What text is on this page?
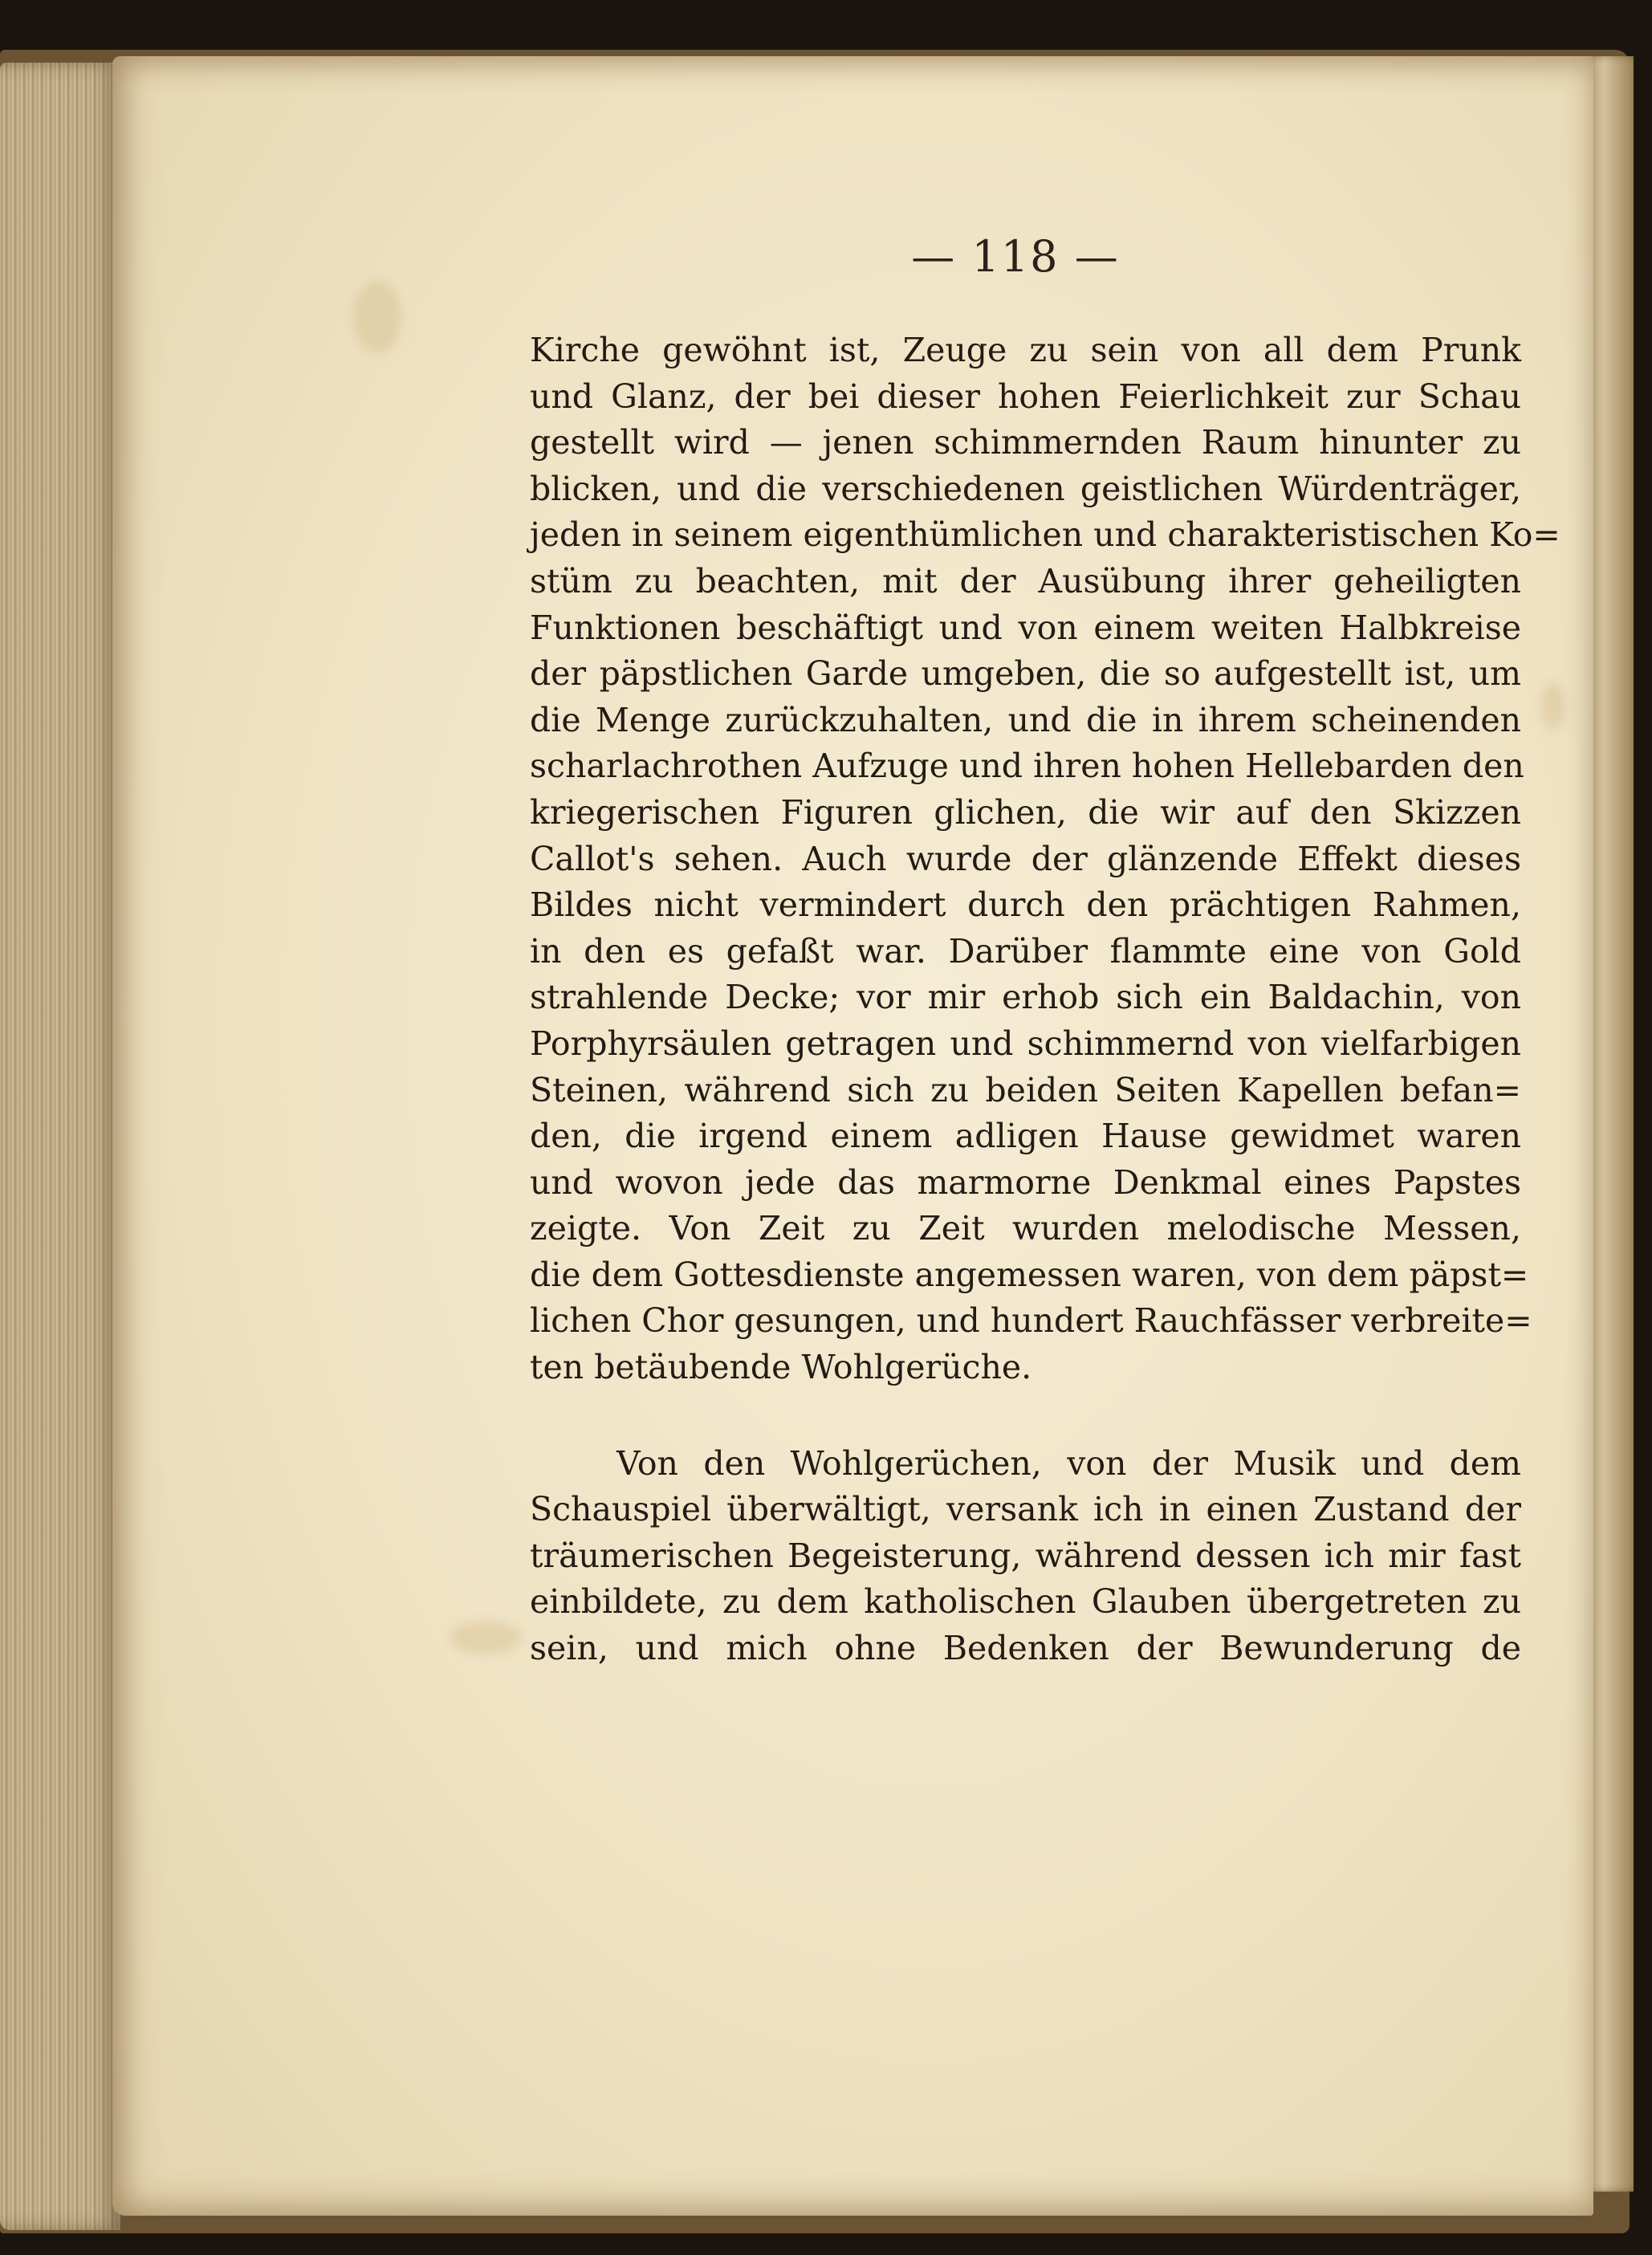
— 118 —
Kirche gewöhnt ist, Zeuge zu sein von all dem Prunk
und Glanz, der bei dieser hohen Feierlichkeit zur Schau
gestellt wird — jenen schimmernden Raum hinunter zu
blicken, und die verschiedenen geistlichen Würdenträger,
jeden in seinem eigenthümlichen und charakteristischen Ko=
stüm zu beachten, mit der Ausübung ihrer geheiligten
Funktionen beschäftigt und von einem weiten Halbkreise
der päpstlichen Garde umgeben, die so aufgestellt ist, um
die Menge zurückzuhalten, und die in ihrem scheinenden
scharlachrothen Aufzuge und ihren hohen Hellebarden den
kriegerischen Figuren glichen, die wir auf den Skizzen
Callot's sehen. Auch wurde der glänzende Effekt dieses
Bildes nicht vermindert durch den prächtigen Rahmen,
in den es gefaßt war. Darüber flammte eine von Gold
strahlende Decke; vor mir erhob sich ein Baldachin, von
Porphyrsäulen getragen und schimmernd von vielfarbigen
Steinen, während sich zu beiden Seiten Kapellen befan=
den, die irgend einem adligen Hause gewidmet waren
und wovon jede das marmorne Denkmal eines Papstes
zeigte. Von Zeit zu Zeit wurden melodische Messen,
die dem Gottesdienste angemessen waren, von dem päpst=
lichen Chor gesungen, und hundert Rauchfässer verbreite=
ten betäubende Wohlgerüche.
Von den Wohlgerüchen, von der Musik und dem
Schauspiel überwältigt, versank ich in einen Zustand der
träumerischen Begeisterung, während dessen ich mir fast
einbildete, zu dem katholischen Glauben übergetreten zu
sein, und mich ohne Bedenken der Bewunderung de
